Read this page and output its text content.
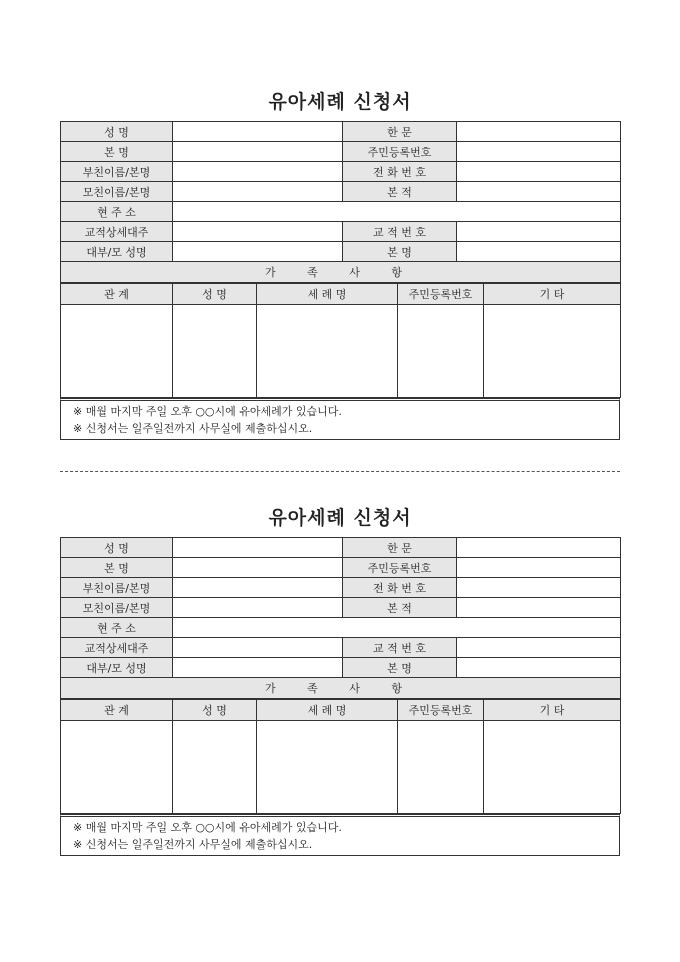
유아세례 신청서
성 명		한 문	
본 명		주민등록번호	
부친이름/본명		전 화 번 호	
모친이름/본명		본 적	
현 주 소			
교적상세대주		교 적 번 호	
대부/모 성명		본 명	
가 족 사 항			
관 계	성 명	세 례 명	주민등록번호	기 타

※ 매월 마지막 주일 오후 ○○시에 유아세례가 있습니다.
※ 신청서는 일주일전까지 사무실에 제출하십시오.
유아세례 신청서
성 명		한 문	
본 명		주민등록번호	
부친이름/본명		전 화 번 호	
모친이름/본명		본 적	
현 주 소			
교적상세대주		교 적 번 호	
대부/모 성명		본 명	
가 족 사 항			
관 계	성 명	세 례 명	주민등록번호	기 타

※ 매월 마지막 주일 오후 ○○시에 유아세례가 있습니다.
※ 신청서는 일주일전까지 사무실에 제출하십시오.
